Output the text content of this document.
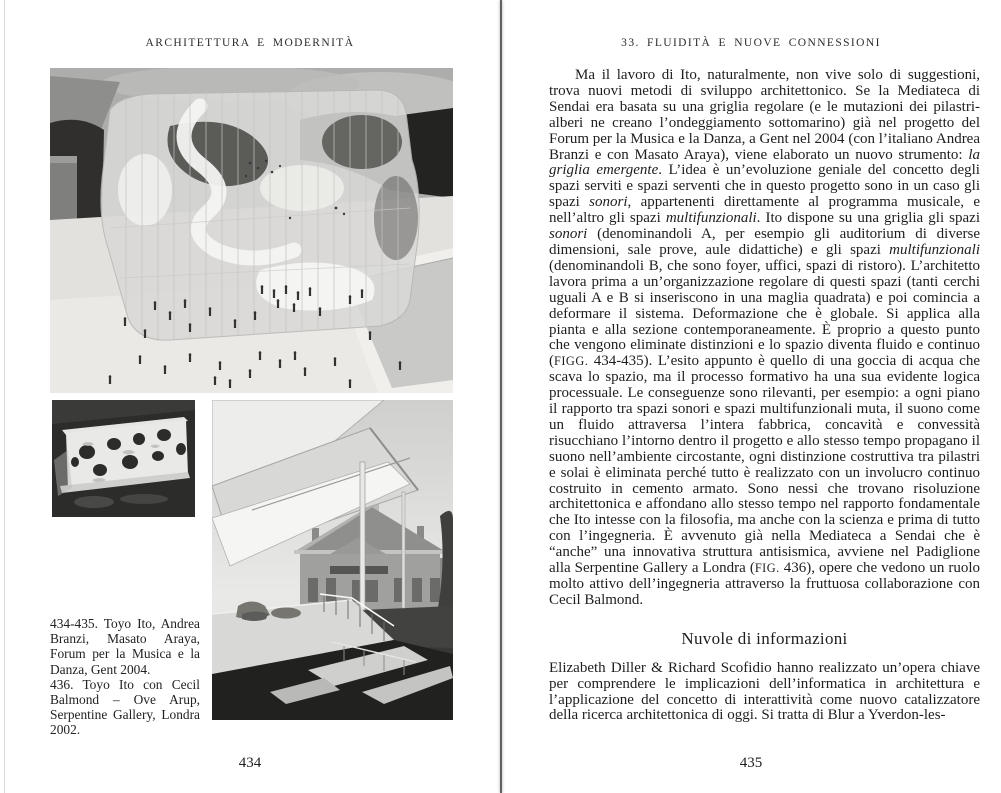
ARCHITETTURA E MODERNITÀ

434-435. Toyo Ito, Andrea Branzi, Masato Araya, Forum per la Musica e la Danza, Gent 2004.

436. Toyo Ito con Cecil Balmond – Ove Arup, Serpentine Gallery, Londra 2002.

434
33. FLUIDITÀ E NUOVE CONNESSIONI

Ma il lavoro di Ito, naturalmente, non vive solo di suggestioni, trova nuovi metodi di sviluppo architettonico. Se la Mediateca di Sendai era basata su una griglia regolare (e le mutazioni dei pilastri-alberi ne creano l’ondeggiamento sottomarino) già nel progetto del Forum per la Musica e la Danza, a Gent nel 2004 (con l’italiano Andrea Branzi e con Masato Araya), viene elaborato un nuovo strumento: la griglia emergente. L’idea è un’evoluzione geniale del concetto degli spazi serviti e spazi serventi che in questo progetto sono in un caso gli spazi sonori, appartenenti direttamente al programma musicale, e nell’altro gli spazi multifunzionali. Ito dispone su una griglia gli spazi sonori (denominandoli A, per esempio gli auditorium di diverse dimensioni, sale prove, aule didattiche) e gli spazi multifunzionali (denominandoli B, che sono foyer, uffici, spazi di ristoro). L’architetto lavora prima a un’organizzazione regolare di questi spazi (tanti cerchi uguali A e B si inseriscono in una maglia quadrata) e poi comincia a deformare il sistema. Deformazione che è globale. Si applica alla pianta e alla sezione contemporaneamente. È proprio a questo punto che vengono eliminate distinzioni e lo spazio diventa fluido e continuo (FIGG. 434-435). L’esito appunto è quello di una goccia di acqua che scava lo spazio, ma il processo formativo ha una sua evidente logica processuale. Le conseguenze sono rilevanti, per esempio: a ogni piano il rapporto tra spazi sonori e spazi multifunzionali muta, il suono come un fluido attraversa l’intera fabbrica, concavità e convessità risucchiano l’intorno dentro il progetto e allo stesso tempo propagano il suono nell’ambiente circostante, ogni distinzione costruttiva tra pilastri e solai è eliminata perché tutto è realizzato con un involucro continuo costruito in cemento armato. Sono nessi che trovano risoluzione architettonica e affondano allo stesso tempo nel rapporto fondamentale che Ito intesse con la filosofia, ma anche con la scienza e prima di tutto con l’ingegneria. È avvenuto già nella Mediateca a Sendai che è “anche” una innovativa struttura antisismica, avviene nel Padiglione alla Serpentine Gallery a Londra (FIG. 436), opere che vedono un ruolo molto attivo dell’ingegneria attraverso la fruttuosa collaborazione con Cecil Balmond.

Nuvole di informazioni

Elizabeth Diller & Richard Scofidio hanno realizzato un’opera chiave per comprendere le implicazioni dell’informatica in architettura e l’applicazione del concetto di interattività come nuovo catalizzatore della ricerca architettonica di oggi. Si tratta di Blur a Yverdon-les-

435
